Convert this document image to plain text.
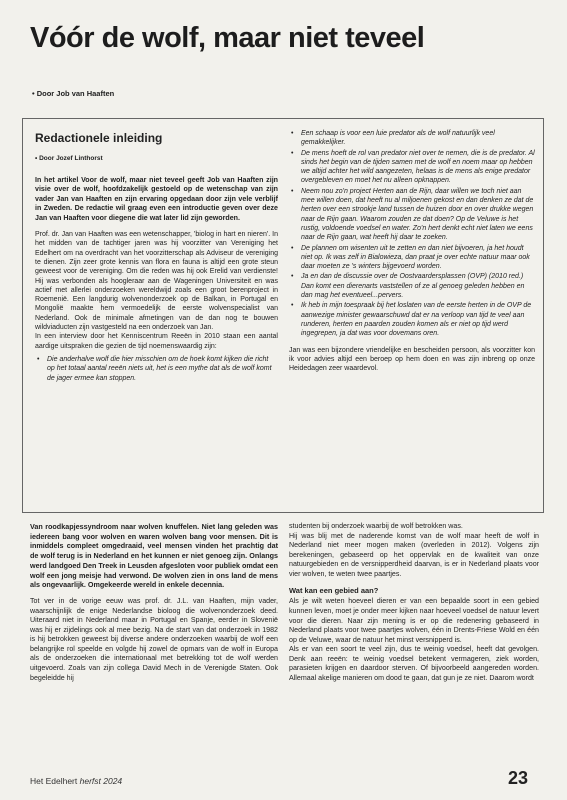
Vóór de wolf, maar niet teveel
• Door Job van Haaften
Redactionele inleiding
• Door Jozef Linthorst
In het artikel Voor de wolf, maar niet teveel geeft Job van Haaften zijn visie over de wolf, hoofdzakelijk gestoeld op de wetenschap van zijn vader Jan van Haaften en zijn ervaring opgedaan door zijn vele verblijf in Zweden. De redactie wil graag even een introductie geven over deze Jan van Haaften voor diegene die wat later lid zijn geworden.
Prof. dr. Jan van Haaften was een wetenschapper, 'biolog in hart en nieren'. In het midden van de tachtiger jaren was hij voorzitter van Vereniging het Edelhert om na overdracht van het voorzitterschap als Adviseur de vereniging te dienen. Zijn zeer grote kennis van flora en fauna is altijd een grote steun geweest voor de vereniging. Om die reden was hij ook Erelid van verdienste! Hij was verbonden als hoogleraar aan de Wageningen Universiteit en was actief met allerlei onderzoeken wereldwijd zoals een groot berenproject in Roemenië. Een langdurig wolvenonderzoek op de Balkan, in Portugal en Mongolië maakte hem vermoedelijk de eerste wolvenspecialist van Nederland. Ook de minimale afmetingen van de dan nog te bouwen wildviaducten zijn vastgesteld na een onderzoek van Jan.
In een interview door het Kenniscentrum Reeën in 2010 staan een aantal aardige uitspraken die gezien de tijd noemenswaardig zijn:
• Die anderhalve wolf die hier misschien om de hoek komt kijken die richt op het totaal aantal reeën niets uit, het is een mythe dat als de wolf komt de jager ermee kan stoppen.
• Een schaap is voor een luie predator als de wolf natuurlijk veel gemakkelijker.
• De mens hoeft de rol van predator niet over te nemen, die is de predator. Al sinds het begin van de tijden samen met de wolf en noem maar op hebben we altijd achter het wild aangezeten, helaas is de mens als enige predator overgebleven en moet het nu alleen opknappen.
• Neem nou zo'n project Herten aan de Rijn, daar willen we toch niet aan mee willen doen, dat heeft nu al miljoenen gekost en dan denken ze dat de herten over een strookje land tussen de huizen door en over drukke wegen naar de Rijn gaan. Waarom zouden ze dat doen? Op de Veluwe is het rustig, voldoende voedsel en water. Zo'n hert denkt echt niet laten we eens naar de Rijn gaan, wat heeft hij daar te zoeken.
• De plannen om wisenten uit te zetten en dan niet bijvoeren, ja het houdt niet op. Ik was zelf in Bialowieza, dan praat je over echte natuur maar ook daar moeten ze 's winters bijgevoerd worden.
• Ja en dan de discussie over de Oostvaardersplassen (OVP) (2010 red.) Dan komt een dierenarts vaststellen of ze al genoeg geleden hebben en dan mag het eventueel...pervers.
• Ik heb in mijn toespraak bij het loslaten van de eerste herten in de OVP de aanwezige minister gewaarschuwd dat er na verloop van tijd te veel aan runderen, herten en paarden zouden komen als er niet op tijd werd ingegrepen, ja dat was voor dovemans oren.
Jan was een bijzondere vriendelijke en bescheiden persoon, als voorzitter kon ik voor advies altijd een beroep op hem doen en was zijn inbreng op onze Heidedagen zeer waardevol.
Van roodkapjessyndroom naar wolven knuffelen. Niet lang geleden was iedereen bang voor wolven en waren wolven bang voor mensen. Dit is inmiddels compleet omgedraaid, veel mensen vinden het prachtig dat de wolf terug is in Nederland en het kunnen er niet genoeg zijn. Onlangs werd landgoed Den Treek in Leusden afgesloten voor publiek omdat een wolf een jong meisje had verwond. De wolven zien in ons land de mens als ongevaarlijk. Omgekeerde wereld in enkele decennia.
Tot ver in de vorige eeuw was prof. dr. J.L. van Haaften, mijn vader, waarschijnlijk de enige Nederlandse bioloog die wolvenonderzoek deed. Uiteraard niet in Nederland maar in Portugal en Spanje, eerder in Slovenië was hij er zijdelings ook al mee bezig. Na de start van dat onderzoek in 1982 is hij betrokken geweest bij diverse andere onderzoeken waarbij de wolf een belangrijke rol speelde en volgde hij zowel de opmars van de wolf in Europa als de onderzoeken die internationaal met betrekking tot de wolf werden uitgevoerd. Zoals van zijn collega David Mech in de Verenigde Staten. Ook begeleidde hij
studenten bij onderzoek waarbij de wolf betrokken was.
Hij was blij met de naderende komst van de wolf maar heeft de wolf in Nederland niet meer mogen maken (overleden in 2012). Volgens zijn berekeningen, gebaseerd op het oppervlak en de kwaliteit van onze natuurgebieden en de versnipperdheid daarvan, is er in Nederland plaats voor vier wolven, te weten twee paartjes.
Wat kan een gebied aan?
Als je wilt weten hoeveel dieren er van een bepaalde soort in een gebied kunnen leven, moet je onder meer kijken naar hoeveel voedsel de natuur levert voor die dieren. Naar zijn mening is er op die redenering gebaseerd in Nederland plaats voor twee paartjes wolven, één in Drents-Friese Wold en één op de Veluwe, waar de natuur het minst versnipperd is.
Als er van een soort te veel zijn, dus te weinig voedsel, heeft dat gevolgen. Denk aan reeën: te weinig voedsel betekent vermageren, ziek worden, parasieten krijgen en daardoor sterven. Of bijvoorbeeld aangereden worden. Allemaal akelige manieren om dood te gaan, dat gun je ze niet. Daarom wordt
Het Edelhert herfst 2024	23
